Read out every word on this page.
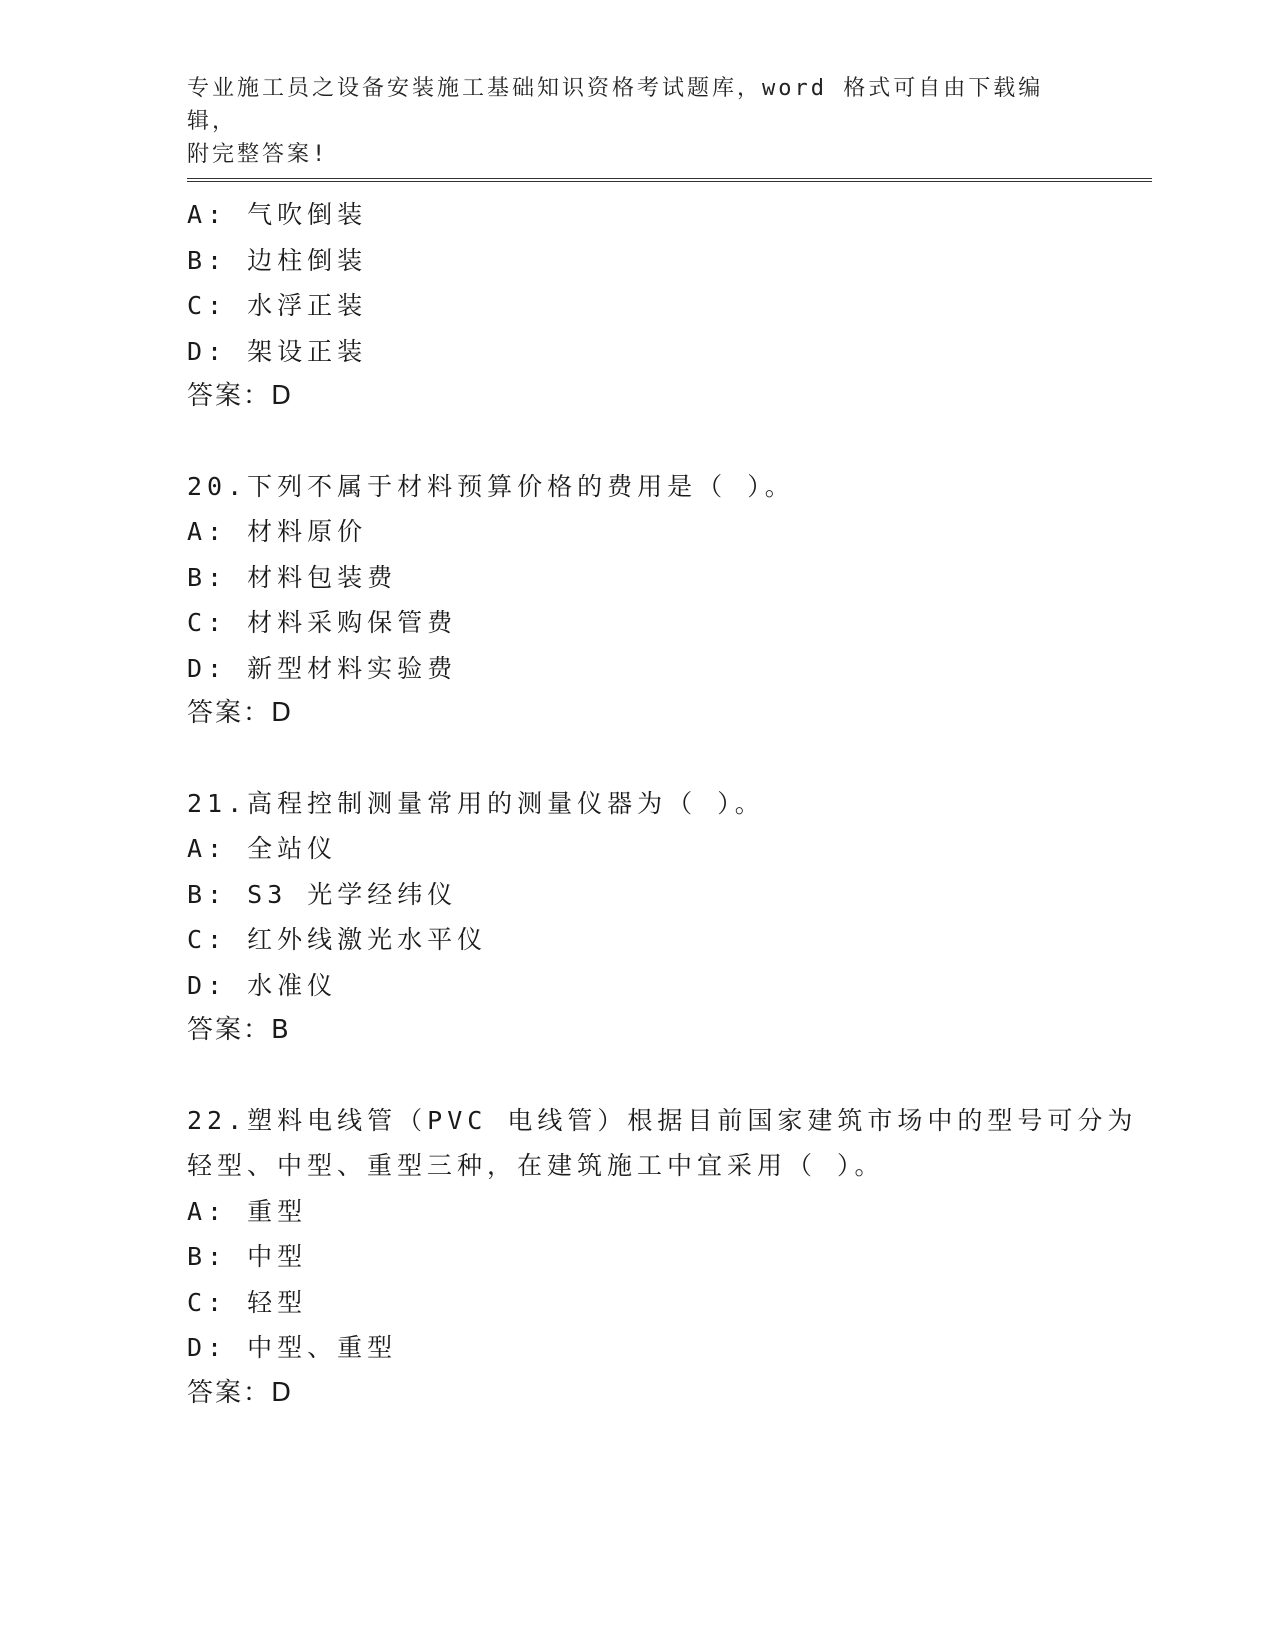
专业施工员之设备安装施工基础知识资格考试题库，word 格式可自由下载编辑，
附完整答案!
A: 气吹倒装
B: 边柱倒装
C: 水浮正装
D: 架设正装
答案：D
20.下列不属于材料预算价格的费用是（ ）。
A: 材料原价
B: 材料包装费
C: 材料采购保管费
D: 新型材料实验费
答案：D
21.高程控制测量常用的测量仪器为（ ）。
A: 全站仪
B: S3 光学经纬仪
C: 红外线激光水平仪
D: 水准仪
答案：B
22.塑料电线管（PVC 电线管）根据目前国家建筑市场中的型号可分为
轻型、中型、重型三种，在建筑施工中宜采用（ ）。
A: 重型
B: 中型
C: 轻型
D: 中型、重型
答案：D
